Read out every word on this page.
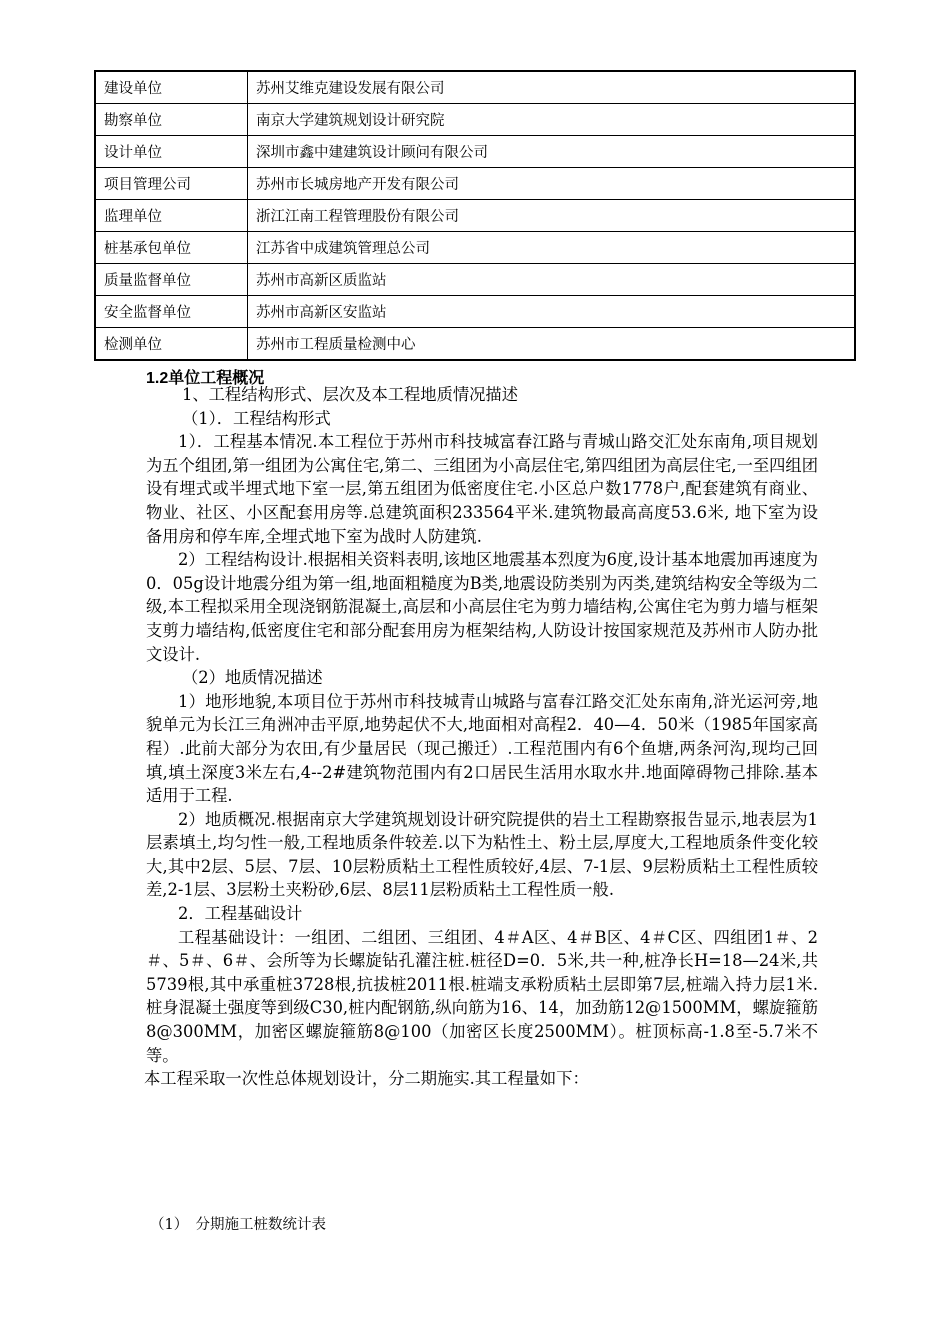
建设单位	苏州艾维克建设发展有限公司
勘察单位	南京大学建筑规划设计研究院
设计单位	深圳市鑫中建建筑设计顾问有限公司
项目管理公司	苏州市长城房地产开发有限公司
监理单位	浙江江南工程管理股份有限公司
桩基承包单位	江苏省中成建筑管理总公司
质量监督单位	苏州市高新区质监站
安全监督单位	苏州市高新区安监站
检测单位	苏州市工程质量检测中心
1.2单位工程概况

1、工程结构形式、层次及本工程地质情况描述

（1）．工程结构形式

1）．工程基本情况.本工程位于苏州市科技城富春江路与青城山路交汇处东南角,项目规划为五个组团,第一组团为公寓住宅,第二、三组团为小高层住宅,第四组团为高层住宅,一至四组团设有埋式或半埋式地下室一层,第五组团为低密度住宅.小区总户数1778户,配套建筑有商业、物业、社区、小区配套用房等.总建筑面积233564平米.建筑物最高高度53.6米, 地下室为设备用房和停车库,全埋式地下室为战时人防建筑.

2）工程结构设计.根据相关资料表明,该地区地震基本烈度为6度,设计基本地震加再速度为0．05g设计地震分组为第一组,地面粗糙度为B类,地震设防类别为丙类,建筑结构安全等级为二级,本工程拟采用全现浇钢筋混凝土,高层和小高层住宅为剪力墙结构,公寓住宅为剪力墙与框架支剪力墙结构,低密度住宅和部分配套用房为框架结构,人防设计按国家规范及苏州市人防办批文设计.

（2）地质情况描述

1）地形地貌,本项目位于苏州市科技城青山城路与富春江路交汇处东南角,浒光运河旁,地貌单元为长江三角洲冲击平原,地势起伏不大,地面相对高程2．40—4．50米（1985年国家高程）.此前大部分为农田,有少量居民（现己搬迁）.工程范围内有6个鱼塘,两条河沟,现均己回填,填土深度3米左右,4--2#建筑物范围内有2口居民生活用水取水井.地面障碍物己排除.基本适用于工程.

2）地质概况.根据南京大学建筑规划设计研究院提供的岩土工程勘察报告显示,地表层为1层素填土,均匀性一般,工程地质条件较差.以下为粘性土、粉土层,厚度大,工程地质条件变化较大,其中2层、5层、7层、10层粉质粘土工程性质较好,4层、7-1层、9层粉质粘土工程性质较差,2-1层、3层粉土夹粉砂,6层、8层11层粉质粘土工程性质一般.

2．工程基础设计

工程基础设计：一组团、二组团、三组团、4＃A区、4＃B区、4＃C区、四组团1＃、2＃、5＃、6＃、会所等为长螺旋钻孔灌注桩.桩径D=0．5米,共一种,桩净长H=18—24米,共5739根,其中承重桩3728根,抗拔桩2011根.桩端支承粉质粘土层即第7层,桩端入持力层1米.桩身混凝土强度等到级C30,桩内配钢筋,纵向筋为16、14，加劲筋12@1500MM，螺旋箍筋8@300MM，加密区螺旋箍筋8@100（加密区长度2500MM）。桩顶标高-1.8至-5.7米不等。

本工程采取一次性总体规划设计，分二期施实.其工程量如下：

（1）　分期施工桩数统计表
